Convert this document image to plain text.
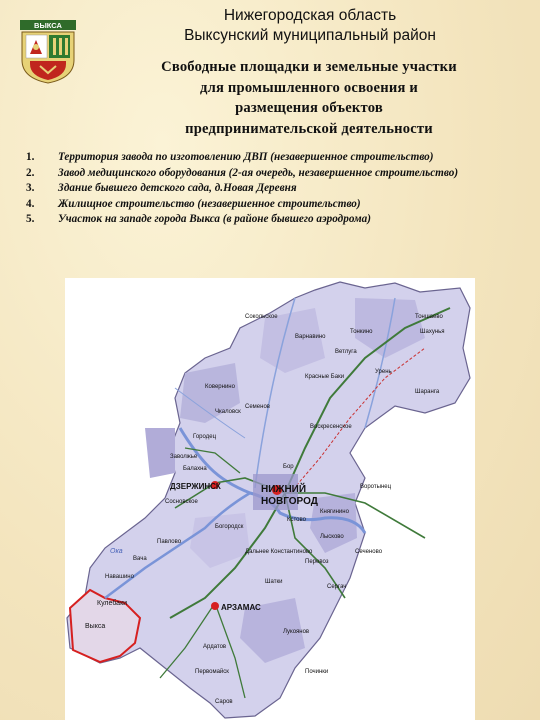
ВЫКСА
Нижегородская область
Выксунский муниципальный район
Свободные площадки и земельные участки
для промышленного освоения и
размещения объектов
предпринимательской деятельности
1.	Территория завода по изготовлению ДВП (незавершенное строительство)
2.	Завод медицинского оборудования (2-ая очередь, незавершенное строительство)
3.	Здание бывшего детского сада, д.Новая Деревня
4.	Жилищное строительство (незавершенное строительство)
5.	Участок на западе города Выкса (в районе бывшего аэродрома)
НИЖНИЙ
НОВГОРОД
ДЗЕРЖИНСК
АРЗАМАС
Выкса
Кулебаки
Навашино
Павлово
Богородск
Кстово
Бор
Городец
Заволжье
Балахна
Семенов
Урень
Шахунья
Ветлуга
Сергач
Лукоянов
Саров
Первомайск
Лысково
Ардатов
Вача
Сокольское
Ковернино
Воскресенское
Красные Баки
Тоншаево
Шаранга
Тонкино
Варнавино
Перевоз
Княгинино
Починки
Шатки
Воротынец
Дальнее Константиново	Сеченово
Чкаловск
Сосновское
Ока
